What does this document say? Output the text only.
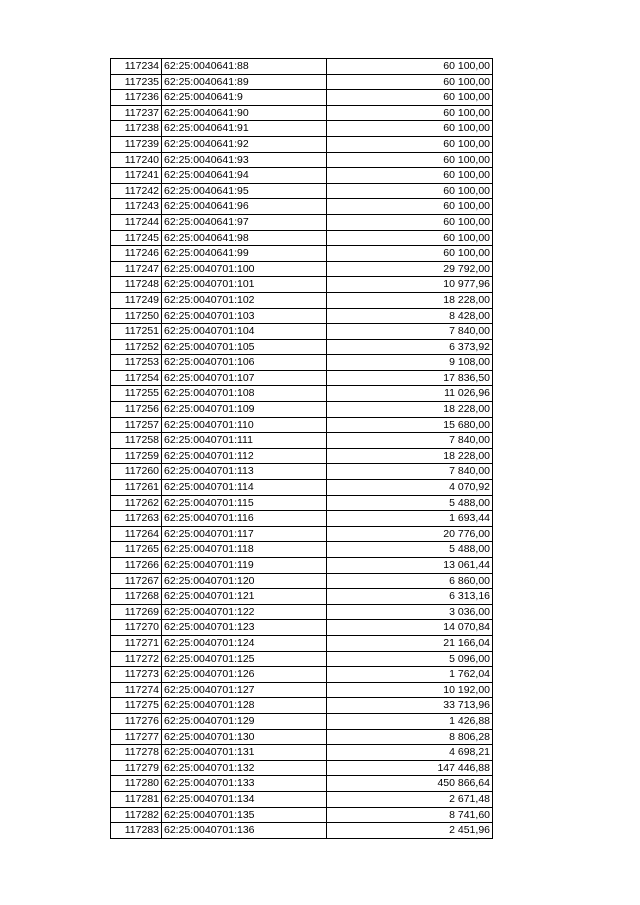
117234	62:25:0040641:88	60 100,00
117235	62:25:0040641:89	60 100,00
117236	62:25:0040641:9	60 100,00
117237	62:25:0040641:90	60 100,00
117238	62:25:0040641:91	60 100,00
117239	62:25:0040641:92	60 100,00
117240	62:25:0040641:93	60 100,00
117241	62:25:0040641:94	60 100,00
117242	62:25:0040641:95	60 100,00
117243	62:25:0040641:96	60 100,00
117244	62:25:0040641:97	60 100,00
117245	62:25:0040641:98	60 100,00
117246	62:25:0040641:99	60 100,00
117247	62:25:0040701:100	29 792,00
117248	62:25:0040701:101	10 977,96
117249	62:25:0040701:102	18 228,00
117250	62:25:0040701:103	8 428,00
117251	62:25:0040701:104	7 840,00
117252	62:25:0040701:105	6 373,92
117253	62:25:0040701:106	9 108,00
117254	62:25:0040701:107	17 836,50
117255	62:25:0040701:108	11 026,96
117256	62:25:0040701:109	18 228,00
117257	62:25:0040701:110	15 680,00
117258	62:25:0040701:111	7 840,00
117259	62:25:0040701:112	18 228,00
117260	62:25:0040701:113	7 840,00
117261	62:25:0040701:114	4 070,92
117262	62:25:0040701:115	5 488,00
117263	62:25:0040701:116	1 693,44
117264	62:25:0040701:117	20 776,00
117265	62:25:0040701:118	5 488,00
117266	62:25:0040701:119	13 061,44
117267	62:25:0040701:120	6 860,00
117268	62:25:0040701:121	6 313,16
117269	62:25:0040701:122	3 036,00
117270	62:25:0040701:123	14 070,84
117271	62:25:0040701:124	21 166,04
117272	62:25:0040701:125	5 096,00
117273	62:25:0040701:126	1 762,04
117274	62:25:0040701:127	10 192,00
117275	62:25:0040701:128	33 713,96
117276	62:25:0040701:129	1 426,88
117277	62:25:0040701:130	8 806,28
117278	62:25:0040701:131	4 698,21
117279	62:25:0040701:132	147 446,88
117280	62:25:0040701:133	450 866,64
117281	62:25:0040701:134	2 671,48
117282	62:25:0040701:135	8 741,60
117283	62:25:0040701:136	2 451,96
